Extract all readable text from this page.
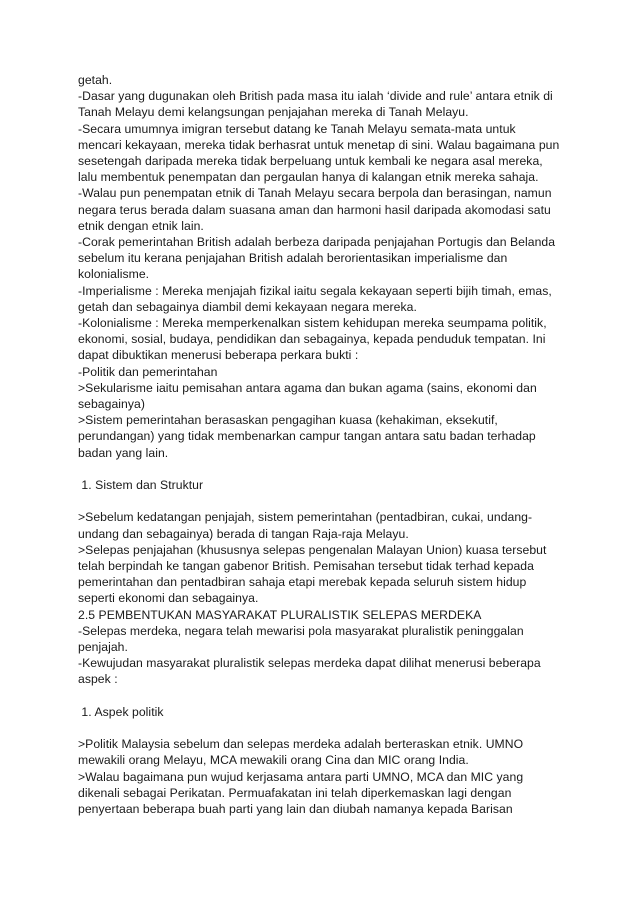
getah.
-Dasar yang dugunakan oleh British pada masa itu ialah ‘divide and rule’ antara etnik di
Tanah Melayu demi kelangsungan penjajahan mereka di Tanah Melayu.
-Secara umumnya imigran tersebut datang ke Tanah Melayu semata-mata untuk
mencari kekayaan, mereka tidak berhasrat untuk menetap di sini. Walau bagaimana pun
sesetengah daripada mereka tidak berpeluang untuk kembali ke negara asal mereka,
lalu membentuk penempatan dan pergaulan hanya di kalangan etnik mereka sahaja.
-Walau pun penempatan etnik di Tanah Melayu secara berpola dan berasingan, namun
negara terus berada dalam suasana aman dan harmoni hasil daripada akomodasi satu
etnik dengan etnik lain.
-Corak pemerintahan British adalah berbeza daripada penjajahan Portugis dan Belanda
sebelum itu kerana penjajahan British adalah berorientasikan imperialisme dan
kolonialisme.
-Imperialisme : Mereka menjajah fizikal iaitu segala kekayaan seperti bijih timah, emas,
getah dan sebagainya diambil demi kekayaan negara mereka.
-Kolonialisme : Mereka memperkenalkan sistem kehidupan mereka seumpama politik,
ekonomi, sosial, budaya, pendidikan dan sebagainya, kepada penduduk tempatan. Ini
dapat dibuktikan menerusi beberapa perkara bukti :
-Politik dan pemerintahan
>Sekularisme iaitu pemisahan antara agama dan bukan agama (sains, ekonomi dan
sebagainya)
>Sistem pemerintahan berasaskan pengagihan kuasa (kehakiman, eksekutif,
perundangan) yang tidak membenarkan campur tangan antara satu badan terhadap
badan yang lain.
1. Sistem dan Struktur
>Sebelum kedatangan penjajah, sistem pemerintahan (pentadbiran, cukai, undang-
undang dan sebagainya) berada di tangan Raja-raja Melayu.
>Selepas penjajahan (khususnya selepas pengenalan Malayan Union) kuasa tersebut
telah berpindah ke tangan gabenor British. Pemisahan tersebut tidak terhad kepada
pemerintahan dan pentadbiran sahaja etapi merebak kepada seluruh sistem hidup
seperti ekonomi dan sebagainya.
2.5 PEMBENTUKAN MASYARAKAT PLURALISTIK SELEPAS MERDEKA
-Selepas merdeka, negara telah mewarisi pola masyarakat pluralistik peninggalan
penjajah.
-Kewujudan masyarakat pluralistik selepas merdeka dapat dilihat menerusi beberapa
aspek :
1. Aspek politik
>Politik Malaysia sebelum dan selepas merdeka adalah berteraskan etnik. UMNO
mewakili orang Melayu, MCA mewakili orang Cina dan MIC orang India.
>Walau bagaimana pun wujud kerjasama antara parti UMNO, MCA dan MIC yang
dikenali sebagai Perikatan. Permuafakatan ini telah diperkemaskan lagi dengan
penyertaan beberapa buah parti yang lain dan diubah namanya kepada Barisan
